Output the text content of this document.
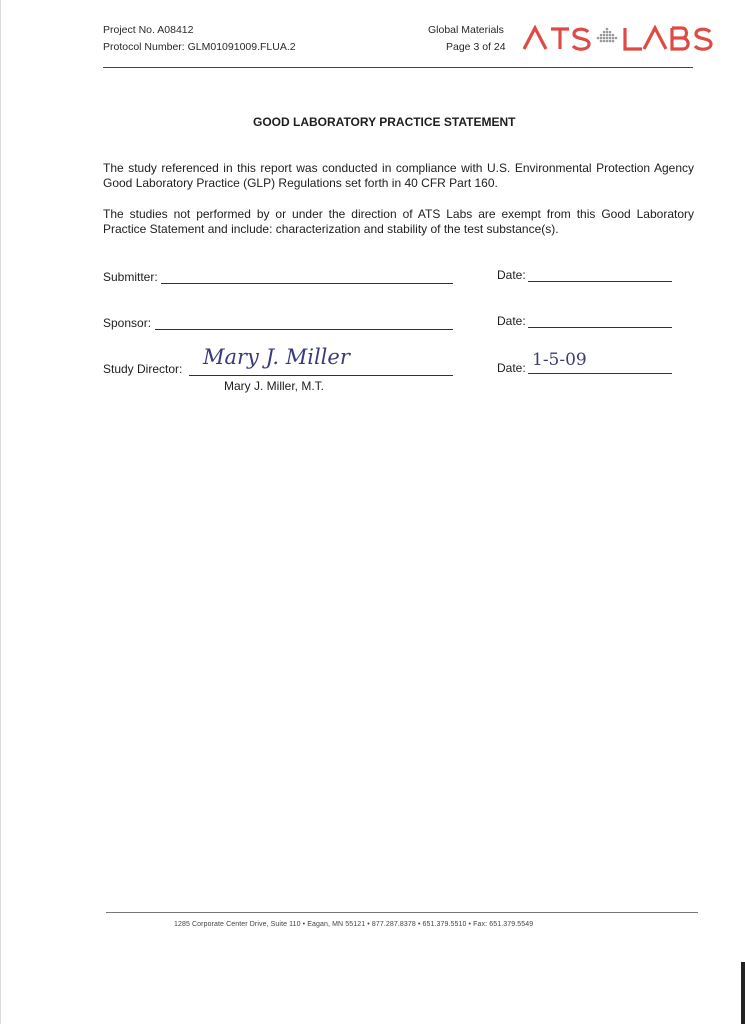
Project No. A08412
Protocol Number: GLM01091009.FLUA.2
Global Materials
Page 3 of 24
GOOD LABORATORY PRACTICE STATEMENT
The study referenced in this report was conducted in compliance with U.S. Environmental Protection Agency Good Laboratory Practice (GLP) Regulations set forth in 40 CFR Part 160.
The studies not performed by or under the direction of ATS Labs are exempt from this Good Laboratory Practice Statement and include: characterization and stability of the test substance(s).
Submitter:	Date:
Sponsor:	Date:
Study Director: Mary J. Miller
Mary J. Miller, M.T.
Date: 1-5-09
1285 Corporate Center Drive, Suite 110 • Eagan, MN 55121 • 877.287.8378 • 651.379.5510 • Fax: 651.379.5549
